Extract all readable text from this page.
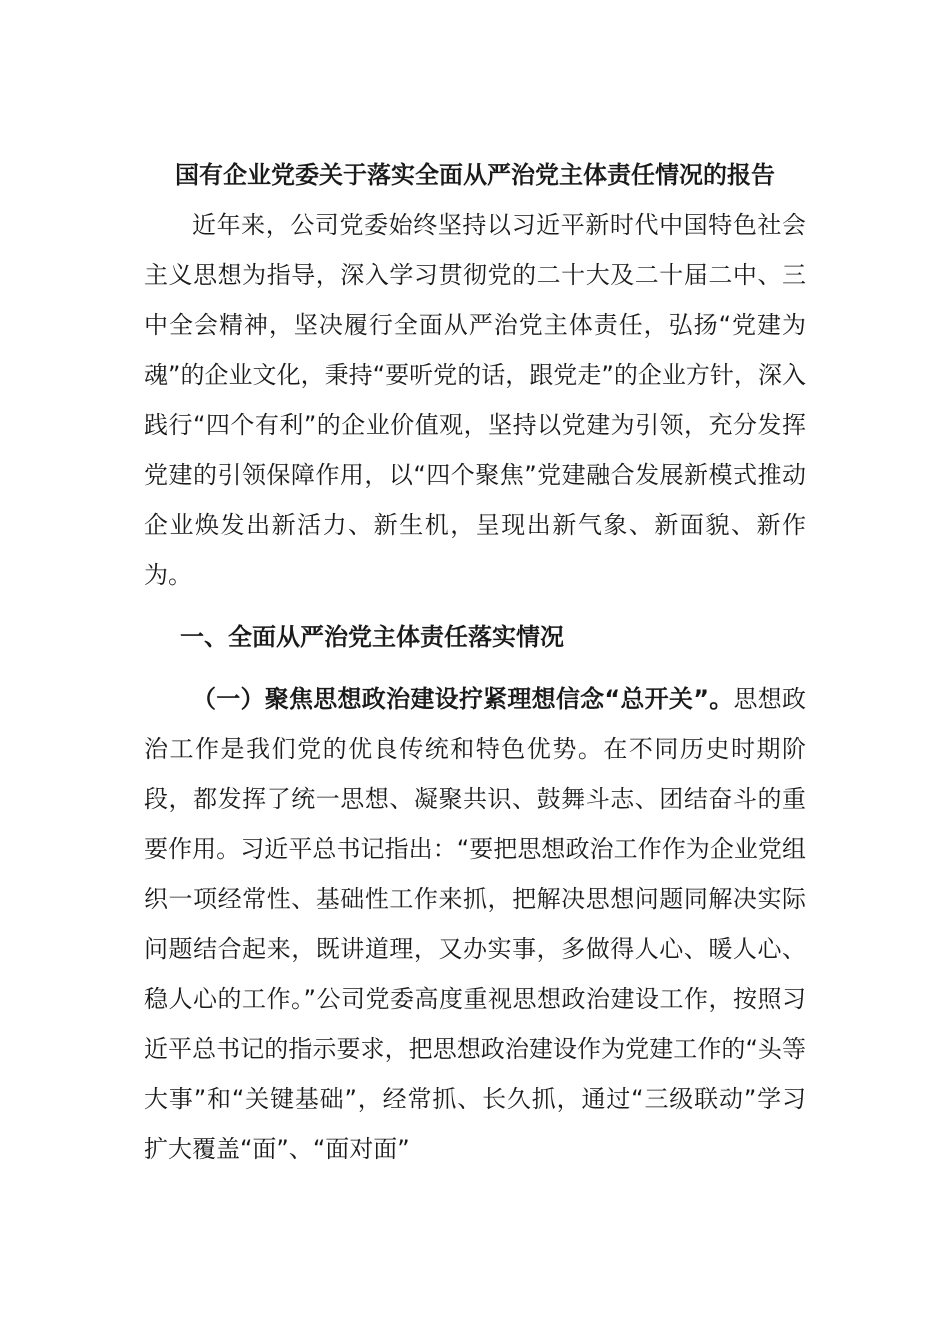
国有企业党委关于落实全面从严治党主体责任情况的报告

近年来，公司党委始终坚持以习近平新时代中国特色社会主义思想为指导，深入学习贯彻党的二十大及二十届二中、三中全会精神，坚决履行全面从严治党主体责任，弘扬“党建为魂”的企业文化，秉持“要听党的话，跟党走”的企业方针，深入践行“四个有利”的企业价值观，坚持以党建为引领，充分发挥党建的引领保障作用，以“四个聚焦”党建融合发展新模式推动企业焕发出新活力、新生机，呈现出新气象、新面貌、新作为。

一、全面从严治党主体责任落实情况

（一）聚焦思想政治建设拧紧理想信念“总开关”。思想政治工作是我们党的优良传统和特色优势。在不同历史时期阶段，都发挥了统一思想、凝聚共识、鼓舞斗志、团结奋斗的重要作用。习近平总书记指出：“要把思想政治工作作为企业党组织一项经常性、基础性工作来抓，把解决思想问题同解决实际问题结合起来，既讲道理，又办实事，多做得人心、暖人心、稳人心的工作。”公司党委高度重视思想政治建设工作，按照习近平总书记的指示要求，把思想政治建设作为党建工作的“头等大事”和“关键基础”，经常抓、长久抓，通过“三级联动”学习扩大覆盖“面”、“面对面”
